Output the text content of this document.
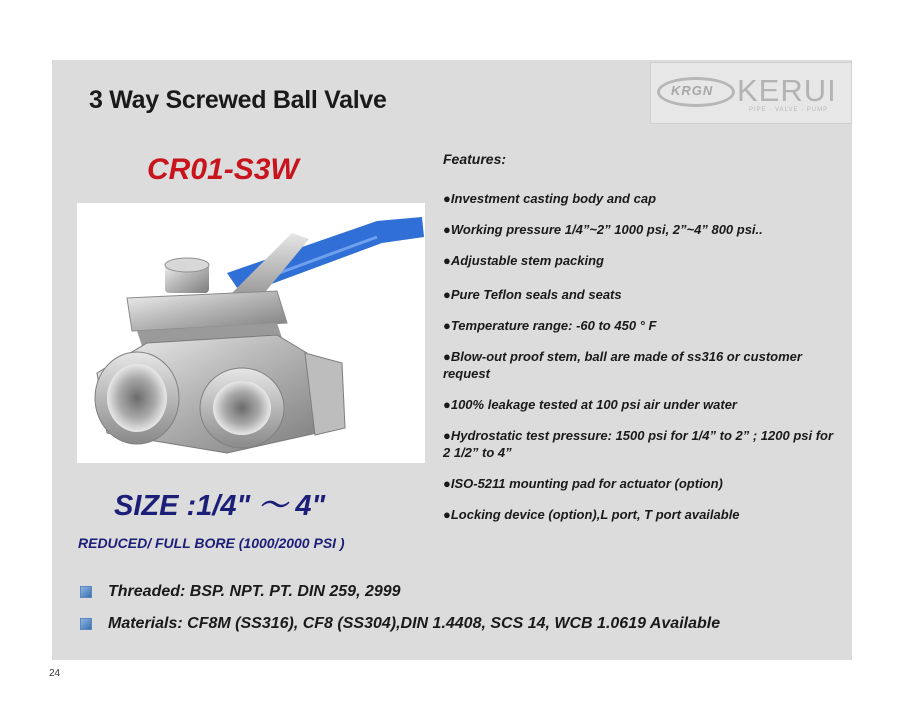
3 Way Screwed Ball Valve	KRGN KERUI
PIPE · VALVE · PUMP
CR01-S3W
SIZE :1/4" ～ 4"
REDUCED/ FULL BORE (1000/2000 PSI )
Features:
●Investment casting body and cap
●Working pressure 1/4”~2” 1000 psi, 2”~4” 800 psi..
●Adjustable stem packing
●Pure Teflon seals and seats
●Temperature range: -60 to 450 ° F
●Blow-out proof stem, ball are made of ss316 or customer request
●100% leakage tested at 100 psi air under water
●Hydrostatic test pressure: 1500 psi for 1/4” to 2” ; 1200 psi for 2 1/2” to 4”
●ISO-5211 mounting pad for actuator (option)
●Locking device (option),L port, T port available
Threaded: BSP. NPT. PT. DIN 259, 2999
Materials: CF8M (SS316), CF8 (SS304),DIN 1.4408, SCS 14, WCB 1.0619 Available
24
